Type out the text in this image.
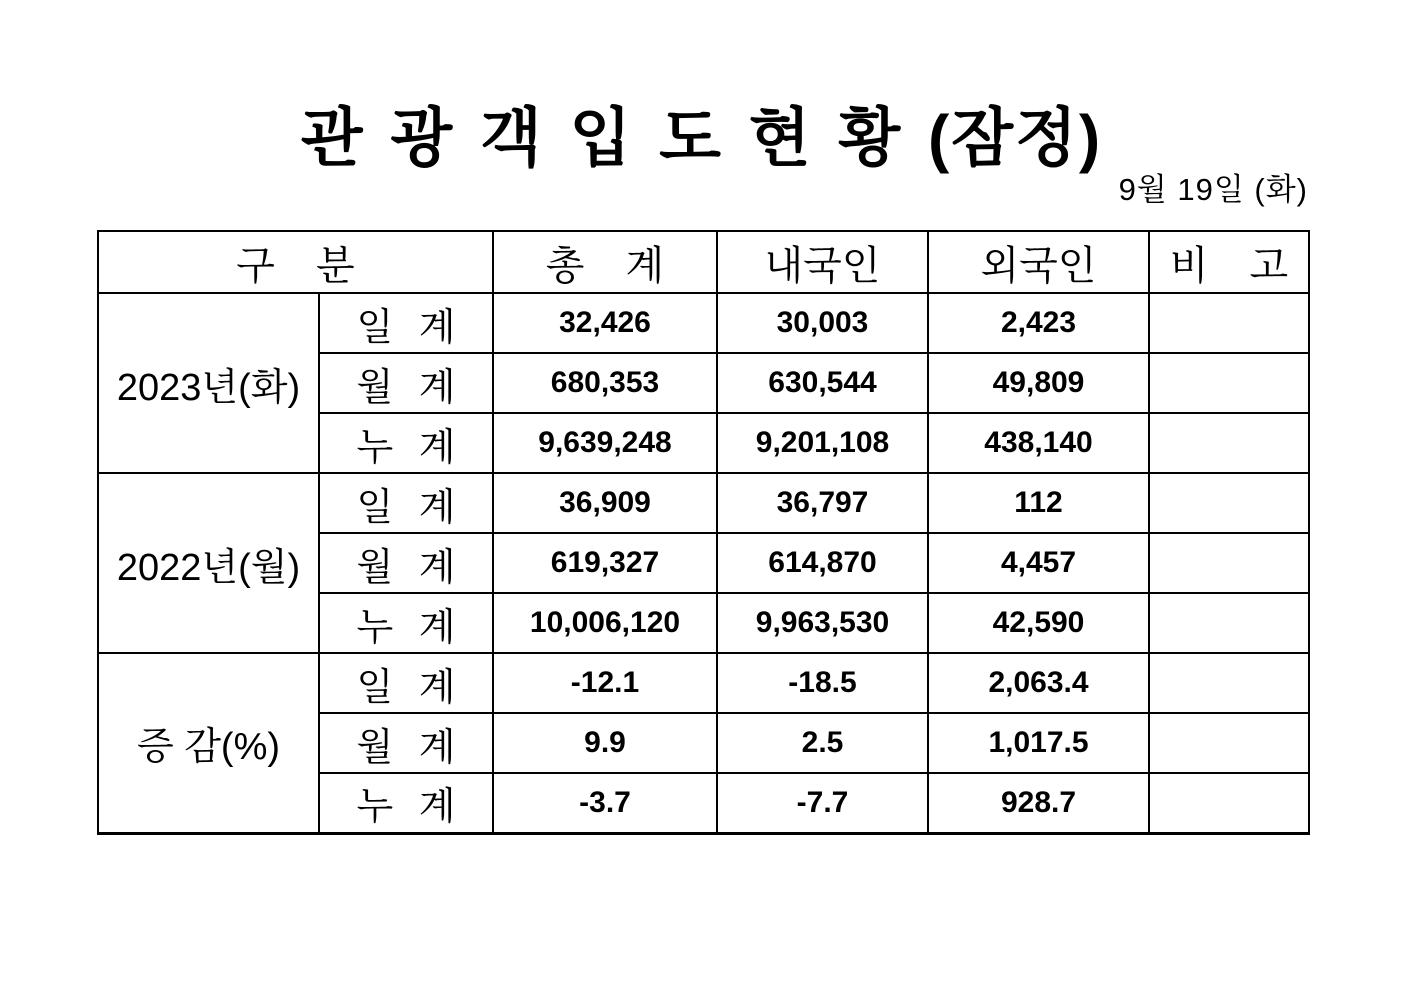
관 광 객 입 도 현 황 (잠정)
9월 19일 (화)
구 분		총 계	내국인	외국인	비 고
2023년(화)	일 계	32,426	30,003	2,423	
	월 계	680,353	630,544	49,809	
	누 계	9,639,248	9,201,108	438,140	
2022년(월)	일 계	36,909	36,797	112	
	월 계	619,327	614,870	4,457	
	누 계	10,006,120	9,963,530	42,590	
증 감(%)	일 계	-12.1	-18.5	2,063.4	
	월 계	9.9	2.5	1,017.5	
	누 계	-3.7	-7.7	928.7	
